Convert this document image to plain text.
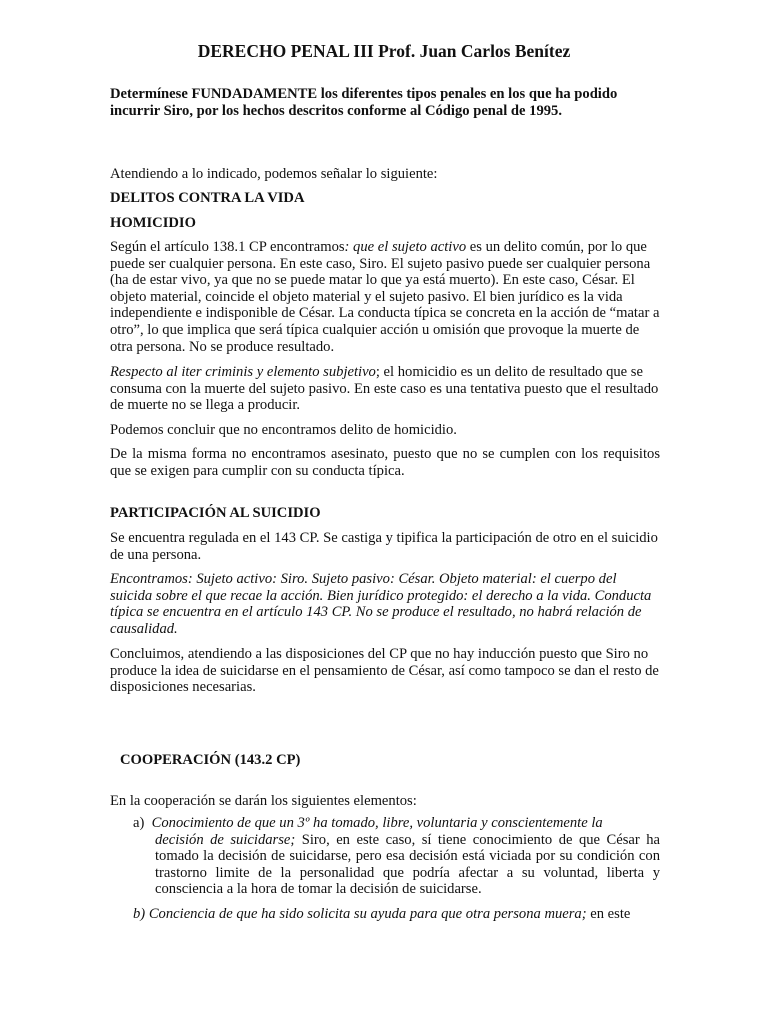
DERECHO PENAL III Prof. Juan Carlos Benítez

Determínese FUNDADAMENTE los diferentes tipos penales en los que ha podido
incurrir Siro, por los hechos descritos conforme al Código penal de 1995.

Atendiendo a lo indicado, podemos señalar lo siguiente:

DELITOS CONTRA LA VIDA

HOMICIDIO

Según el artículo 138.1 CP encontramos: que el sujeto activo es un delito común, por lo que puede ser cualquier persona. En este caso, Siro. El sujeto pasivo puede ser cualquier persona (ha de estar vivo, ya que no se puede matar lo que ya está muerto). En este caso, César. El objeto material, coincide el objeto material y el sujeto pasivo. El bien jurídico es la vida independiente e indisponible de César. La conducta típica se concreta en la acción de “matar a otro”, lo que implica que será típica cualquier acción u omisión que provoque la muerte de otra persona. No se produce resultado.

Respecto al iter criminis y elemento subjetivo; el homicidio es un delito de resultado que se consuma con la muerte del sujeto pasivo. En este caso es una tentativa puesto que el resultado de muerte no se llega a producir.

Podemos concluir que no encontramos delito de homicidio.

De la misma forma no encontramos asesinato, puesto que no se cumplen con los requisitos que se exigen para cumplir con su conducta típica.

PARTICIPACIÓN AL SUICIDIO

Se encuentra regulada en el 143 CP. Se castiga y tipifica la participación de otro en el suicidio de una persona.

Encontramos: Sujeto activo: Siro. Sujeto pasivo: César. Objeto material: el cuerpo del suicida sobre el que recae la acción. Bien jurídico protegido: el derecho a la vida. Conducta típica se encuentra en el artículo 143 CP. No se produce el resultado, no habrá relación de causalidad.

Concluimos, atendiendo a las disposiciones del CP que no hay inducción puesto que Siro no produce la idea de suicidarse en el pensamiento de César, así como tampoco se dan el resto de disposiciones necesarias.

COOPERACIÓN (143.2 CP)

En la cooperación se darán los siguientes elementos:

a) Conocimiento de que un 3º ha tomado, libre, voluntaria y conscientemente la
decisión de suicidarse; Siro, en este caso, sí tiene conocimiento de que César ha tomado la decisión de suicidarse, pero esa decisión está viciada por su condición con trastorno limite de la personalidad que podría afectar a su voluntad, liberta y consciencia a la hora de tomar la decisión de suicidarse.
b) Conciencia de que ha sido solicita su ayuda para que otra persona muera; en este
